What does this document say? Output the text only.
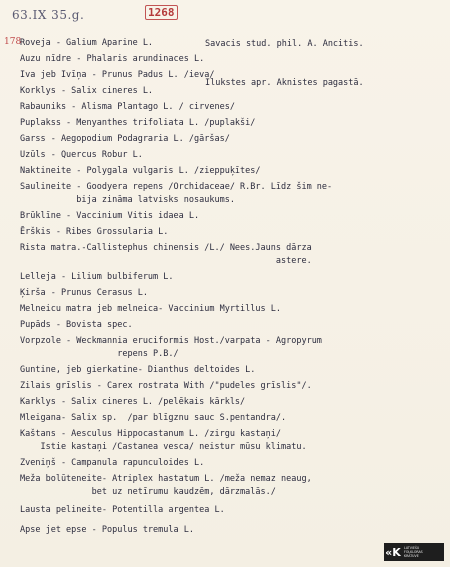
63.IX 35.g.	1268

Savacis stud. phil. A. Ancitis.

Ilukstes apr. Aknistes pagastā.

178
Roveja - Galium Aparine L.
Auzu nīdre - Phalaris arundinaces L.
Iva jeb Ivīņa - Prunus Padus L. /ieva/
Korklys - Salix cineres L.
Rabauniks - Alisma Plantago L. / cirvenes/
Puplakss - Menyanthes trifoliata L. /puplakši/
Garss - Aegopodium Podagraria L. /gāršas/
Uzūls - Quercus Robur L.
Naktineite - Polygala vulgaris L. /zieppuķītes/
Saulineite - Goodyera repens /Orchidaceae/ R.Br. Līdz šim ne-
bija zināma latvisks nosaukums.
Brūklīne - Vaccinium Vitis idaea L.
Ērškis - Ribes Grossularia L.
Rista matra.-Callistephus chinensis /L./ Nees.Jauns dārza
astere.
Lelleja - Lilium bulbiferum L.
Ķirša - Prunus Cerasus L.
Melneicu matra jeb melneica- Vaccinium Myrtillus L.
Pupāds - Bovista spec.
Vorpzole - Weckmannia eruciformis Host./varpata - Agropyrum
repens P.B./
Guntine, jeb gierkatine- Dianthus deltoides L.
Zilais grīslis - Carex rostrata With /"pudeles grīslis"/.
Karklys - Salix cineres L. /pelēkais kārkls/
Mleigana- Salix sp.  /par blīgznu sauc S.pentandra/.
Kaštans - Aesculus Hippocastanum L. /zirgu kastaņi/
Istie kastaņi /Castanea vesca/ neistur mūsu klimatu.
Zveniņš - Campanula rapunculoides L.
Meža bolūteneite- Atriplex hastatum L. /meža nemaz neaug,
bet uz netīrumu kaudzēm, dārzmalās./
Lausta pelineite- Potentilla argentea L.
Apse jet epse - Populus tremula L.
«K LATVIEŠU
FOLKLORAS
KRĀTUVE
